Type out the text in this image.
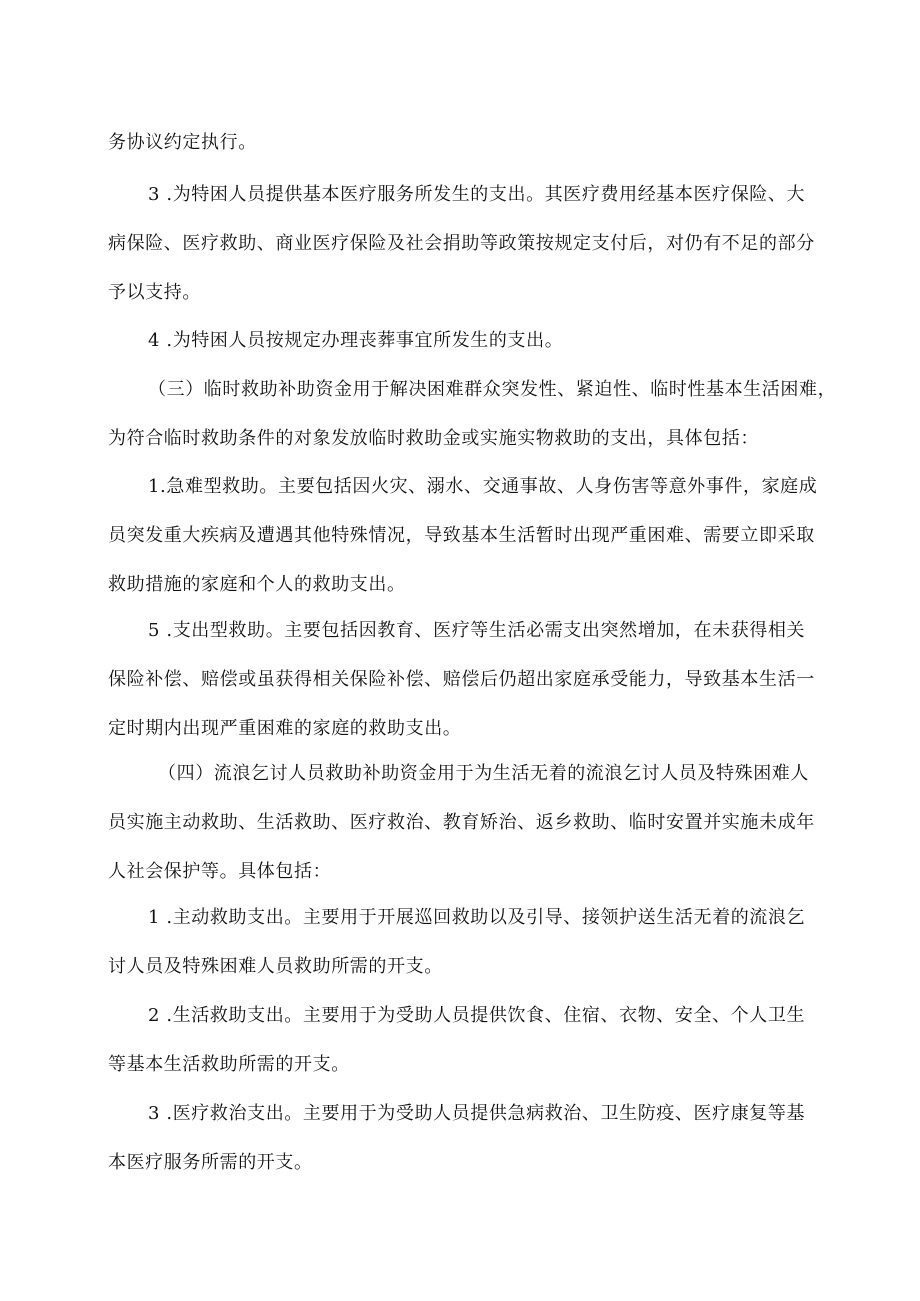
务协议约定执行。
3 .为特困人员提供基本医疗服务所发生的支出。其医疗费用经基本医疗保险、大
病保险、医疗救助、商业医疗保险及社会捐助等政策按规定支付后，对仍有不足的部分
予以支持。
4 .为特困人员按规定办理丧葬事宜所发生的支出。
（三）临时救助补助资金用于解决困难群众突发性、紧迫性、临时性基本生活困难，
为符合临时救助条件的对象发放临时救助金或实施实物救助的支出，具体包括：
1.急难型救助。主要包括因火灾、溺水、交通事故、人身伤害等意外事件，家庭成
员突发重大疾病及遭遇其他特殊情况，导致基本生活暂时出现严重困难、需要立即采取
救助措施的家庭和个人的救助支出。
5 .支出型救助。主要包括因教育、医疗等生活必需支出突然增加，在未获得相关
保险补偿、赔偿或虽获得相关保险补偿、赔偿后仍超出家庭承受能力，导致基本生活一
定时期内出现严重困难的家庭的救助支出。
（四）流浪乞讨人员救助补助资金用于为生活无着的流浪乞讨人员及特殊困难人
员实施主动救助、生活救助、医疗救治、教育矫治、返乡救助、临时安置并实施未成年
人社会保护等。具体包括：
1 .主动救助支出。主要用于开展巡回救助以及引导、接领护送生活无着的流浪乞
讨人员及特殊困难人员救助所需的开支。
2 .生活救助支出。主要用于为受助人员提供饮食、住宿、衣物、安全、个人卫生
等基本生活救助所需的开支。
3 .医疗救治支出。主要用于为受助人员提供急病救治、卫生防疫、医疗康复等基
本医疗服务所需的开支。
